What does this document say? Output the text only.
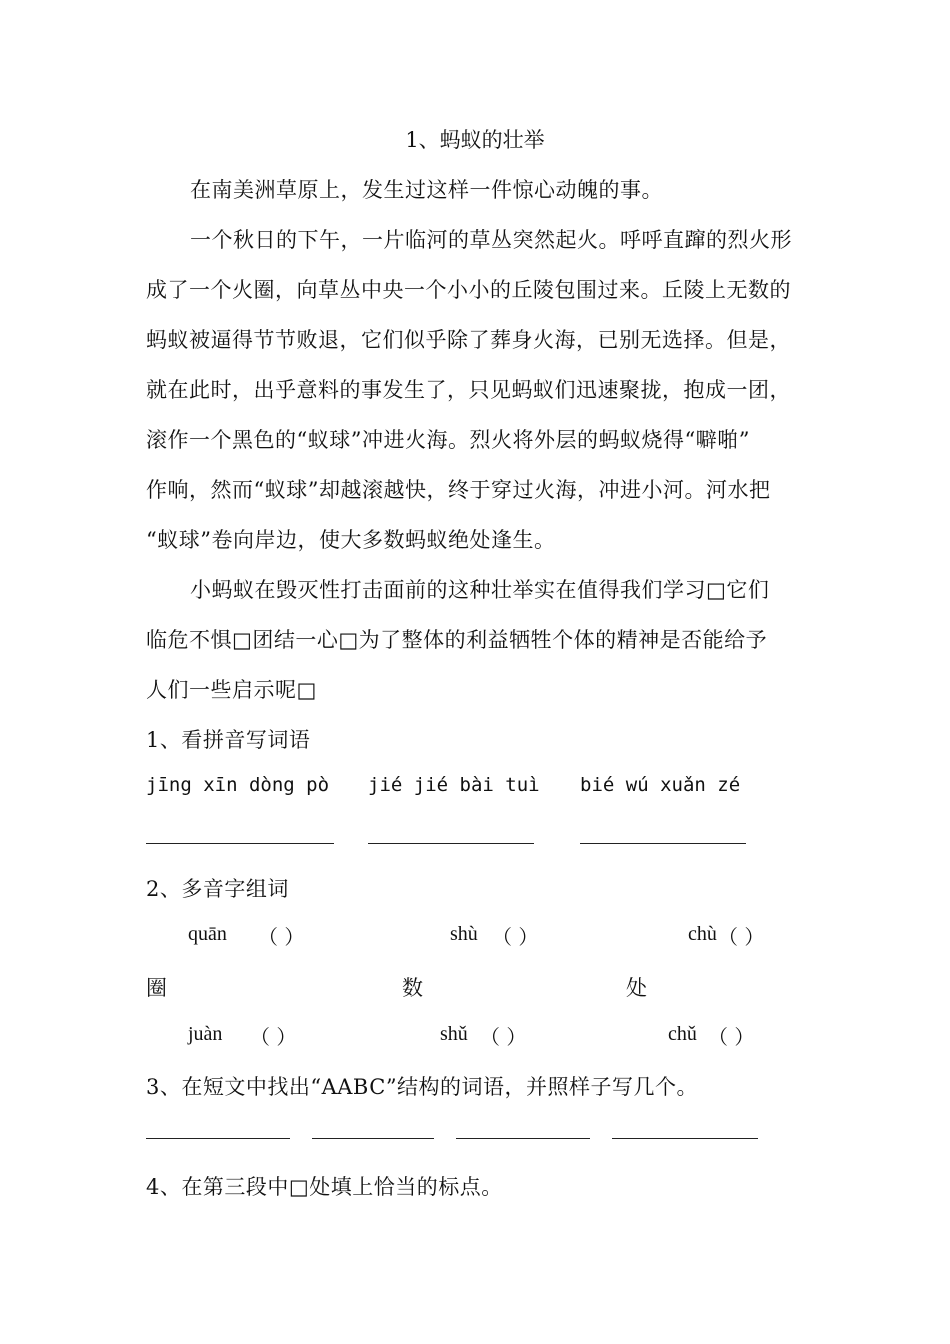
1、蚂蚁的壮举
在南美洲草原上，发生过这样一件惊心动魄的事。
一个秋日的下午，一片临河的草丛突然起火。呼呼直蹿的烈火形
成了一个火圈，向草丛中央一个小小的丘陵包围过来。丘陵上无数的
蚂蚁被逼得节节败退，它们似乎除了葬身火海，已别无选择。但是，
就在此时，出乎意料的事发生了，只见蚂蚁们迅速聚拢，抱成一团，
滚作一个黑色的“蚁球”冲进火海。烈火将外层的蚂蚁烧得“噼啪”
作响，然而“蚁球”却越滚越快，终于穿过火海，冲进小河。河水把
“蚁球”卷向岸边，使大多数蚂蚁绝处逢生。
小蚂蚁在毁灭性打击面前的这种壮举实在值得我们学习□它们
临危不惧□团结一心□为了整体的利益牺牲个体的精神是否能给予
人们一些启示呢□
1、看拼音写词语
jīng xīn dòng pò jié jié bài tuì bié wú xuǎn zé
2、多音字组词
quān （ ）	shù （ ）	chù （ ）
圈	数	处
juàn （ ）	shǔ （ ）	chǔ （ ）
3、在短文中找出“AABC”结构的词语，并照样子写几个。
4、在第三段中□处填上恰当的标点。
